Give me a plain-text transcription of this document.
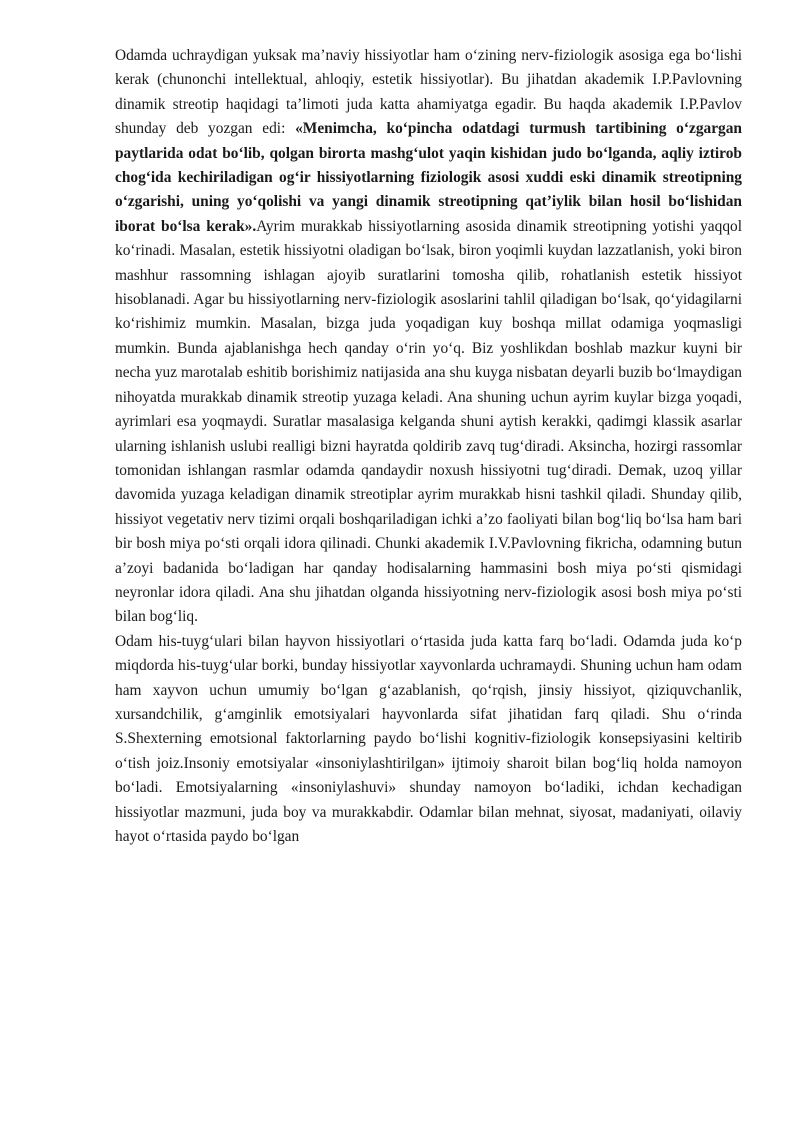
Odamda uchraydigan yuksak ma’naviy hissiyotlar ham o‘zining nerv-fiziologik asosiga ega bo‘lishi kerak (chunonchi intellektual, ahloqiy, estetik hissiyotlar). Bu jihatdan akademik I.P.Pavlovning dinamik streotip haqidagi ta’limoti juda katta ahamiyatga egadir. Bu haqda akademik I.P.Pavlov shunday deb yozgan edi: «Menimcha, ko‘pincha odatdagi turmush tartibining o‘zgargan paytlarida odat bo‘lib, qolgan birorta mashg‘ulot yaqin kishidan judo bo‘lganda, aqliy iztirob chog‘ida kechiriladigan og‘ir hissiyotlarning fiziologik asosi xuddi eski dinamik streotipning o‘zgarishi, uning yo‘qolishi va yangi dinamik streotipning qat’iylik bilan hosil bo‘lishidan iborat bo‘lsa kerak».Ayrim murakkab hissiyotlarning asosida dinamik streotipning yotishi yaqqol ko‘rinadi. Masalan, estetik hissiyotni oladigan bo‘lsak, biron yoqimli kuydan lazzatlanish, yoki biron mashhur rassomning ishlagan ajoyib suratlarini tomosha qilib, rohatlanish estetik hissiyot hisoblanadi. Agar bu hissiyotlarning nerv-fiziologik asoslarini tahlil qiladigan bo‘lsak, qo‘yidagilarni ko‘rishimiz mumkin. Masalan, bizga juda yoqadigan kuy boshqa millat odamiga yoqmasligi mumkin. Bunda ajablanishga hech qanday o‘rin yo‘q. Biz yoshlikdan boshlab mazkur kuyni bir necha yuz marotalab eshitib borishimiz natijasida ana shu kuyga nisbatan deyarli buzib bo‘lmaydigan nihoyatda murakkab dinamik streotip yuzaga keladi. Ana shuning uchun ayrim kuylar bizga yoqadi, ayrimlari esa yoqmaydi. Suratlar masalasiga kelganda shuni aytish kerakki, qadimgi klassik asarlar ularning ishlanish uslubi realligi bizni hayratda qoldirib zavq tug‘diradi. Aksincha, hozirgi rassomlar tomonidan ishlangan rasmlar odamda qandaydir noxush hissiyotni tug‘diradi. Demak, uzoq yillar davomida yuzaga keladigan dinamik streotiplar ayrim murakkab hisni tashkil qiladi. Shunday qilib, hissiyot vegetativ nerv tizimi orqali boshqariladigan ichki a’zo faoliyati bilan bog‘liq bo‘lsa ham bari bir bosh miya po‘sti orqali idora qilinadi. Chunki akademik I.V.Pavlovning fikricha, odamning butun a’zoyi badanida bo‘ladigan har qanday hodisalarning hammasini bosh miya po‘sti qismidagi neyronlar idora qiladi. Ana shu jihatdan olganda hissiyotning nerv-fiziologik asosi bosh miya po‘sti bilan bog‘liq.

Odam his-tuyg‘ulari bilan hayvon hissiyotlari o‘rtasida juda katta farq bo‘ladi. Odamda juda ko‘p miqdorda his-tuyg‘ular borki, bunday hissiyotlar xayvonlarda uchramaydi. Shuning uchun ham odam ham xayvon uchun umumiy bo‘lgan g‘azablanish, qo‘rqish, jinsiy hissiyot, qiziquvchanlik, xursandchilik, g‘amginlik emotsiyalari hayvonlarda sifat jihatidan farq qiladi. Shu o‘rinda S.Shexterning emotsional faktorlarning paydo bo‘lishi kognitiv-fiziologik konsepsiyasini keltirib o‘tish joiz.Insoniy emotsiyalar «insoniylashtirilgan» ijtimoiy sharoit bilan bog‘liq holda namoyon bo‘ladi. Emotsiyalarning «insoniylashuvi» shunday namoyon bo‘ladiki, ichdan kechadigan hissiyotlar mazmuni, juda boy va murakkabdir. Odamlar bilan mehnat, siyosat, madaniyati, oilaviy hayot o‘rtasida paydo bo‘lgan
